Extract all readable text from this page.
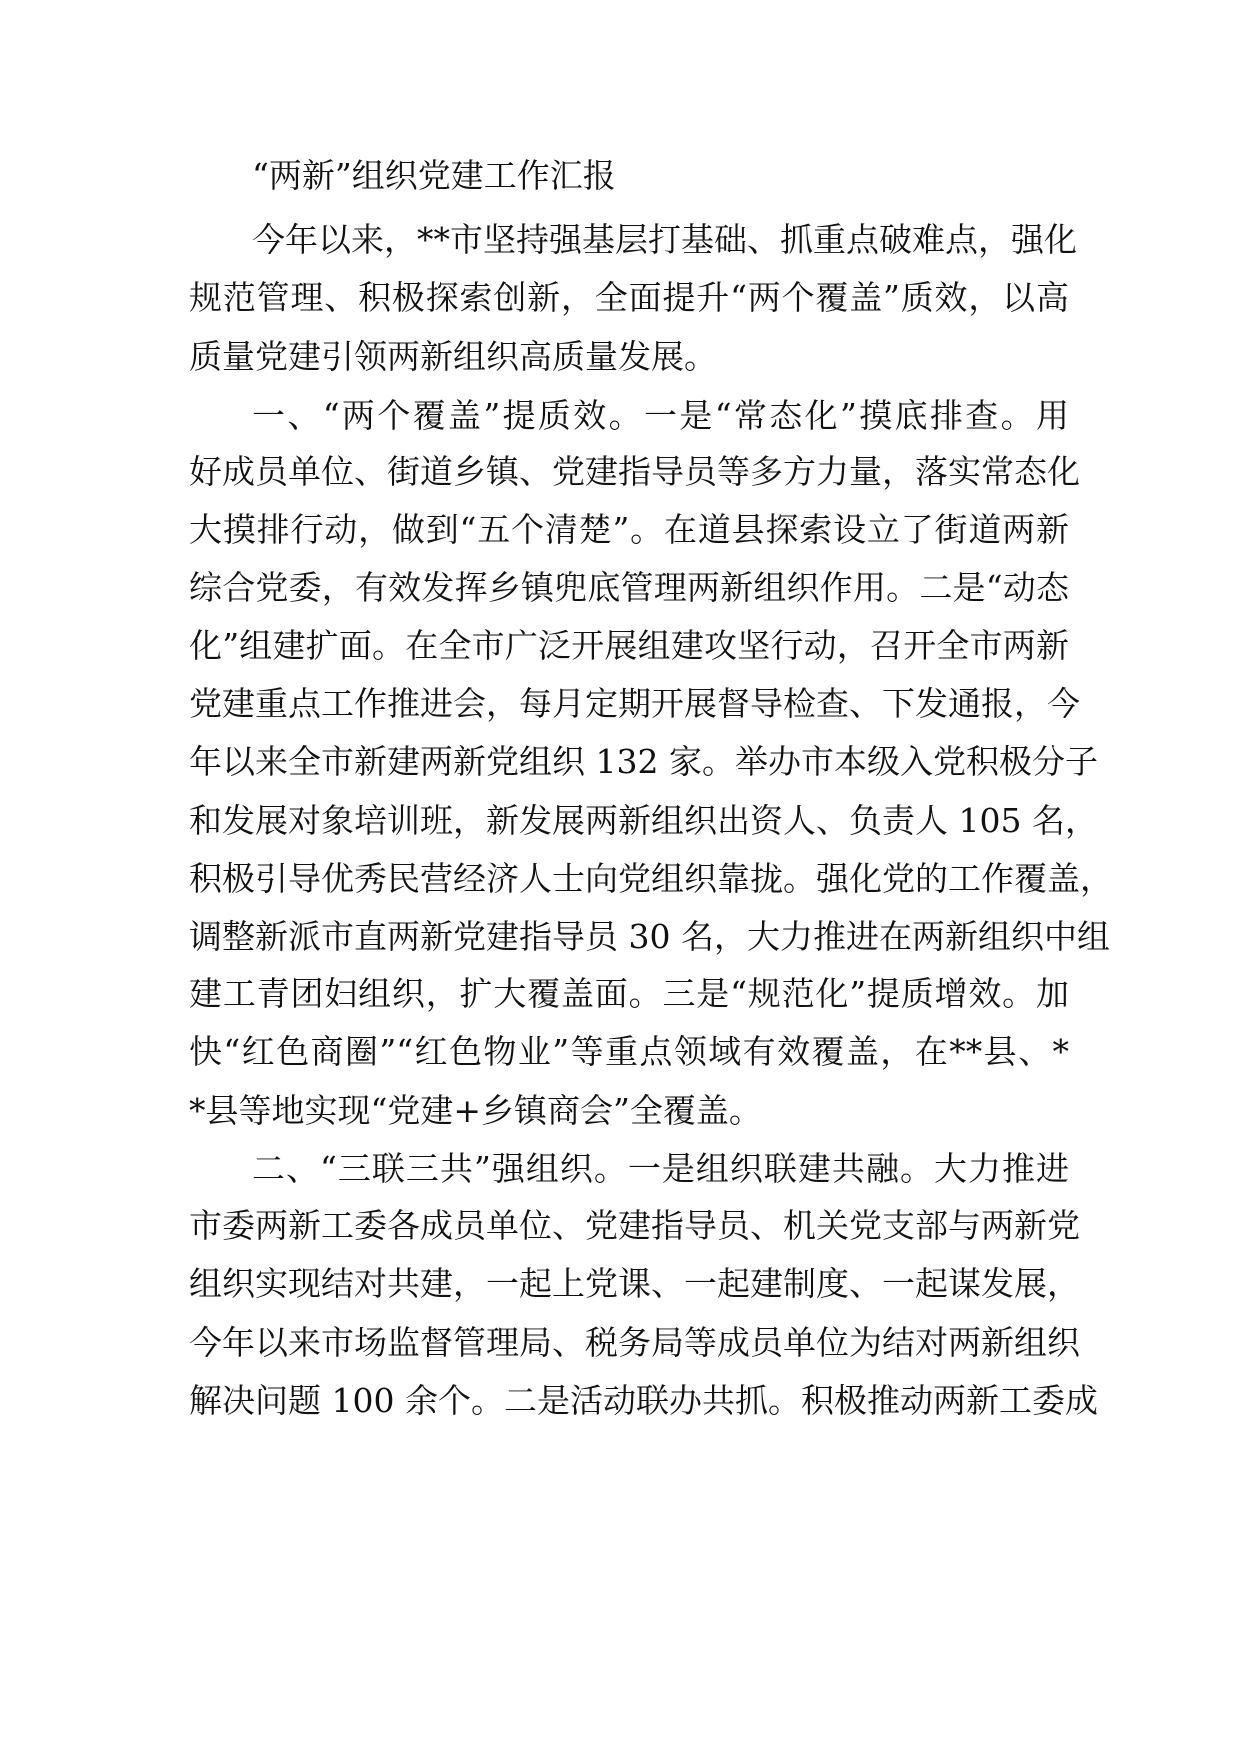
“两新”组织党建工作汇报
今年以来，**市坚持强基层打基础、抓重点破难点，强化
规范管理、积极探索创新，全面提升“两个覆盖”质效，以高
质量党建引领两新组织高质量发展。
一、“两个覆盖”提质效。一是“常态化”摸底排查。用
好成员单位、街道乡镇、党建指导员等多方力量，落实常态化
大摸排行动，做到“五个清楚”。在道县探索设立了街道两新
综合党委，有效发挥乡镇兜底管理两新组织作用。二是“动态
化”组建扩面。在全市广泛开展组建攻坚行动，召开全市两新
党建重点工作推进会，每月定期开展督导检查、下发通报，今
年以来全市新建两新党组织 132 家。举办市本级入党积极分子
和发展对象培训班，新发展两新组织出资人、负责人 105 名，
积极引导优秀民营经济人士向党组织靠拢。强化党的工作覆盖，
调整新派市直两新党建指导员 30 名，大力推进在两新组织中组
建工青团妇组织，扩大覆盖面。三是“规范化”提质增效。加
快“红色商圈”“红色物业”等重点领域有效覆盖，在**县、*
*县等地实现“党建+乡镇商会”全覆盖。
二、“三联三共”强组织。一是组织联建共融。大力推进
市委两新工委各成员单位、党建指导员、机关党支部与两新党
组织实现结对共建，一起上党课、一起建制度、一起谋发展，
今年以来市场监督管理局、税务局等成员单位为结对两新组织
解决问题 100 余个。二是活动联办共抓。积极推动两新工委成
